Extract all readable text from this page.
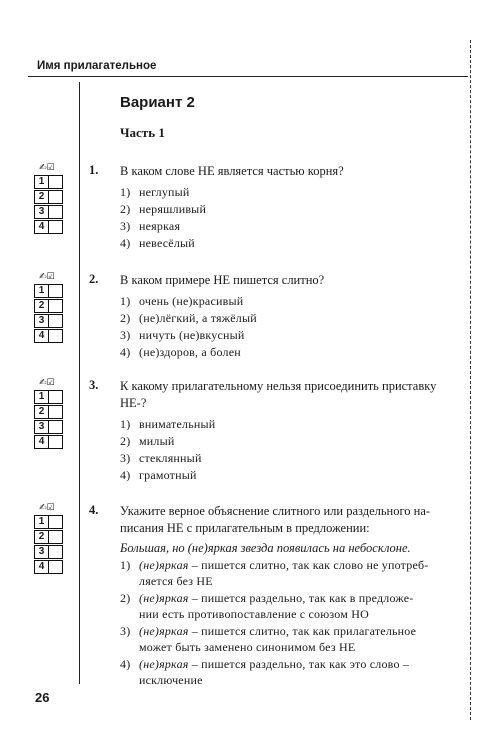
Имя прилагательное
Вариант 2
Часть 1
✍☑
1
2
3
4
1. В каком слове НЕ является частью корня?
1) неглупый
2) неряшливый
3) неяркая
4) невесёлый
✍☑
1
2
3
4
2. В каком примере НЕ пишется слитно?
1) очень (не)красивый
2) (не)лёгкий, а тяжёлый
3) ничуть (не)вкусный
4) (не)здоров, а болен
✍☑
1
2
3
4
3. К какому прилагательному нельзя присоединить приставку
НЕ-?
1) внимательный
2) милый
3) стеклянный
4) грамотный
✍☑
1
2
3
4
4. Укажите верное объяснение слитного или раздельного на-
писания НЕ с прилагательным в предложении:
Большая, но (не)яркая звезда появилась на небосклоне.
1) (не)яркая – пишется слитно, так как слово не употреб-
ляется без НЕ
2) (не)яркая – пишется раздельно, так как в предложе-
нии есть противопоставление с союзом НО
3) (не)яркая – пишется слитно, так как прилагательное
может быть заменено синонимом без НЕ
4) (не)яркая – пишется раздельно, так как это слово –
исключение
26
